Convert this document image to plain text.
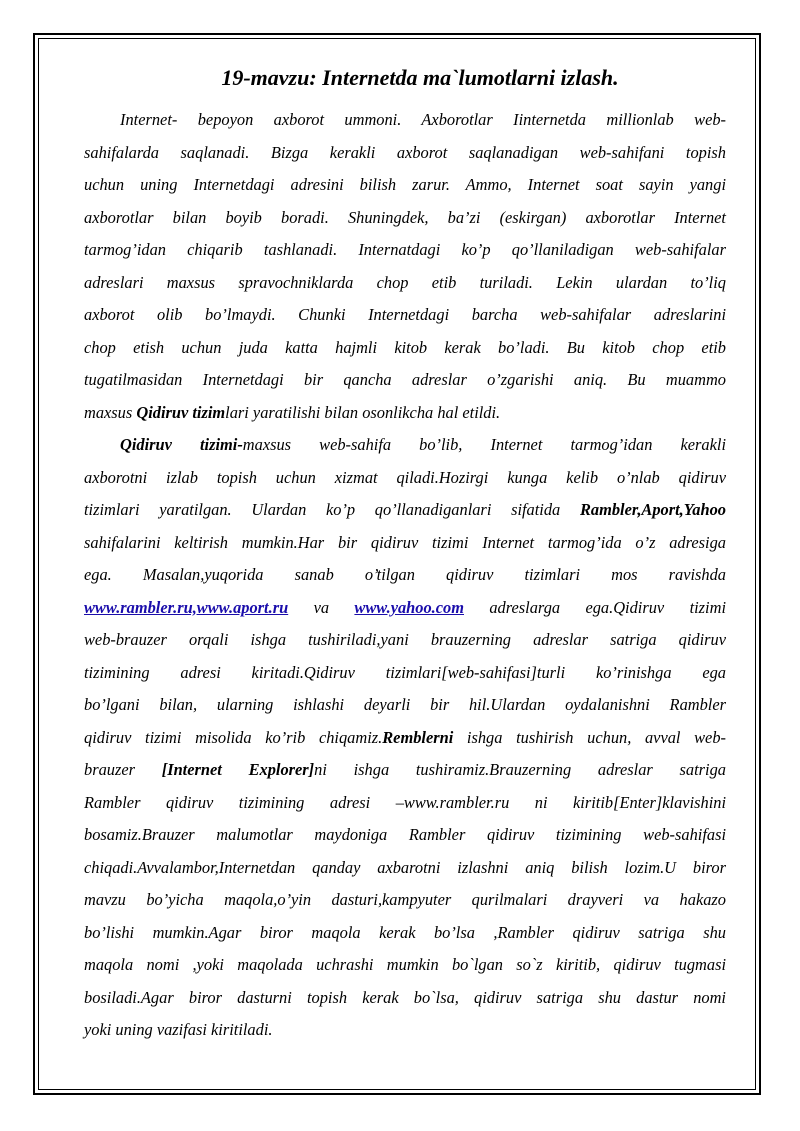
19-mavzu: Internetda ma`lumotlarni izlash.
Internet- bepoyon axborot ummoni. Axborotlar Iinternetda millionlab web-
sahifalarda saqlanadi. Bizga kerakli axborot saqlanadigan web-sahifani topish
uchun uning Internetdagi adresini bilish zarur. Ammo, Internet soat sayin yangi
axborotlar bilan boyib boradi. Shuningdek, ba’zi (eskirgan) axborotlar Internet
tarmog’idan chiqarib tashlanadi. Internatdagi ko’p qo’llaniladigan web-sahifalar
adreslari maxsus spravochniklarda chop etib turiladi. Lekin ulardan to’liq
axborot olib bo’lmaydi. Chunki Internetdagi barcha web-sahifalar adreslarini
chop etish uchun juda katta hajmli kitob kerak bo’ladi. Bu kitob chop etib
tugatilmasidan Internetdagi bir qancha adreslar o’zgarishi aniq. Bu muammo
maxsus Qidiruv tizimlari yaratilishi bilan osonlikcha hal etildi.
Qidiruv tizimi-maxsus web-sahifa bo’lib, Internet tarmog’idan kerakli
axborotni izlab topish uchun xizmat qiladi.Hozirgi kunga kelib o’nlab qidiruv
tizimlari yaratilgan. Ulardan ko’p qo’llanadiganlari sifatida Rambler,Aport,Yahoo
sahifalarini keltirish mumkin.Har bir qidiruv tizimi Internet tarmog’ida o’z adresiga
ega. Masalan,yuqorida sanab o’tilgan qidiruv tizimlari mos ravishda
www.rambler.ru,www.aport.ru va www.yahoo.com adreslarga ega.Qidiruv tizimi
web-brauzer orqali ishga tushiriladi,yani brauzerning adreslar satriga qidiruv
tizimining adresi kiritadi.Qidiruv tizimlari[web-sahifasi]turli ko’rinishga ega
bo’lgani bilan, ularning ishlashi deyarli bir hil.Ulardan oydalanishni Rambler
qidiruv tizimi misolida ko’rib chiqamiz.Remblerni ishga tushirish uchun, avval web-
brauzer [Internet Explorer]ni ishga tushiramiz.Brauzerning adreslar satriga
Rambler qidiruv tizimining adresi –www.rambler.ru ni kiritib[Enter]klavishini
bosamiz.Brauzer malumotlar maydoniga Rambler qidiruv tizimining web-sahifasi
chiqadi.Avvalambor,Internetdan qanday axbarotni izlashni aniq bilish lozim.U biror
mavzu bo’yicha maqola,o’yin dasturi,kampyuter qurilmalari drayveri va hakazo
bo’lishi mumkin.Agar biror maqola kerak bo’lsa ,Rambler qidiruv satriga shu
maqola nomi ,yoki maqolada uchrashi mumkin bo`lgan so`z kiritib, qidiruv tugmasi
bosiladi.Agar biror dasturni topish kerak bo`lsa, qidiruv satriga shu dastur nomi
yoki uning vazifasi kiritiladi.
